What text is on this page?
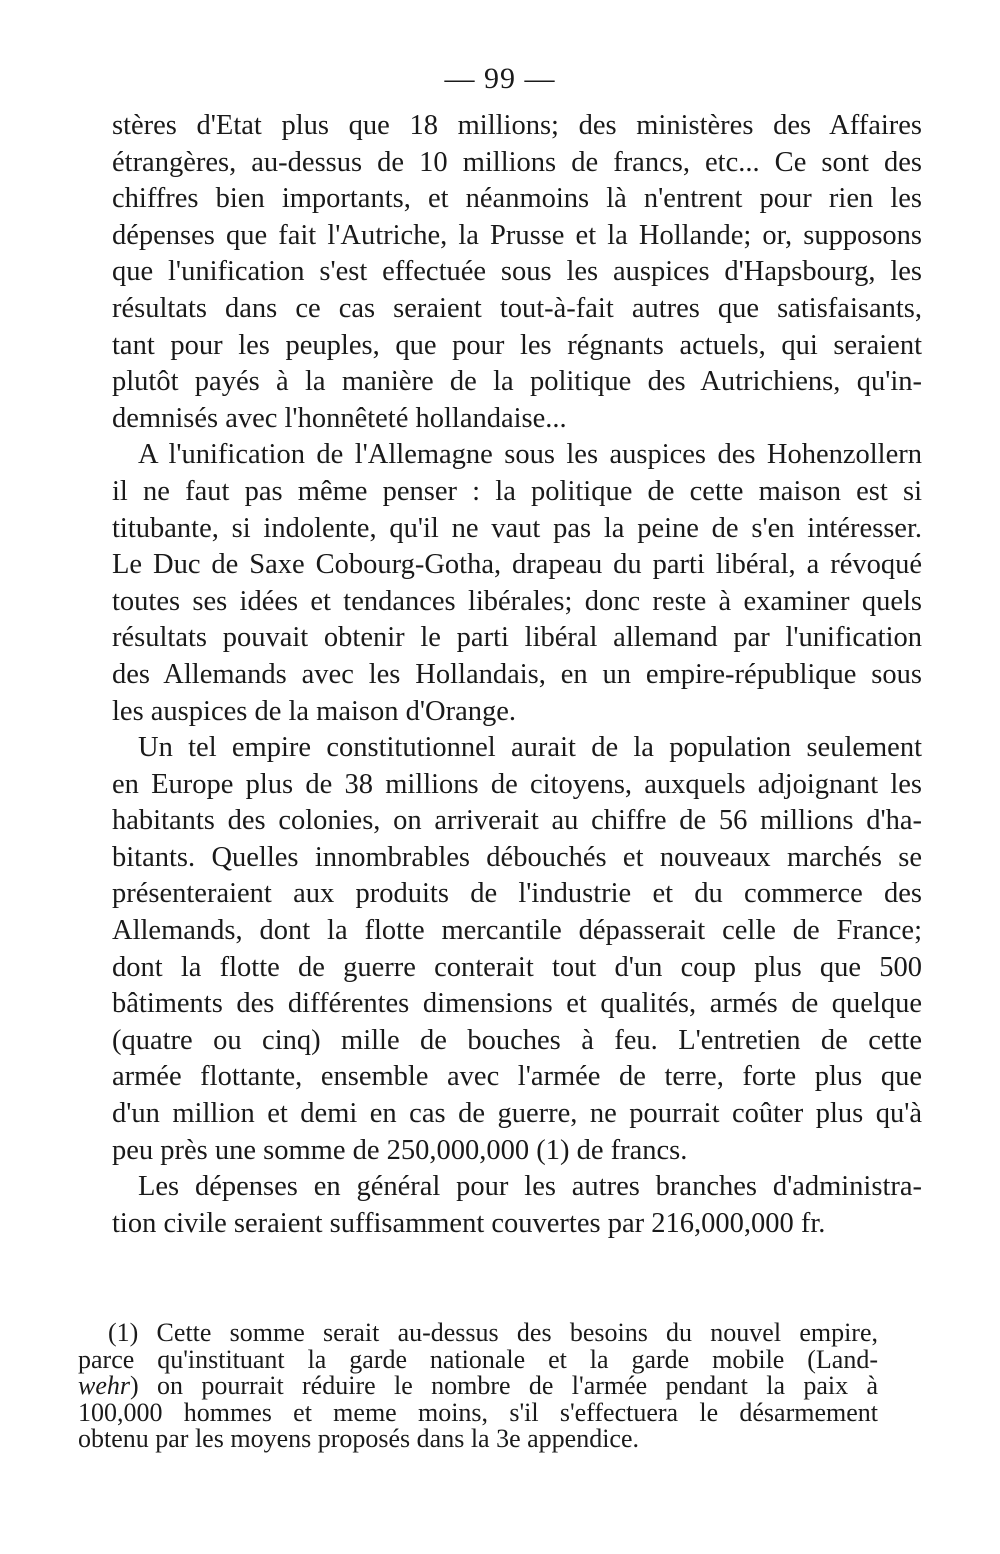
— 99 —

stères d'Etat plus que 18 millions; des ministères des Affaires
étrangères, au-dessus de 10 millions de francs, etc... Ce sont des
chiffres bien importants, et néanmoins là n'entrent pour rien les
dépenses que fait l'Autriche, la Prusse et la Hollande; or, supposons
que l'unification s'est effectuée sous les auspices d'Hapsbourg, les
résultats dans ce cas seraient tout-à-fait autres que satisfaisants,
tant pour les peuples, que pour les régnants actuels, qui seraient
plutôt payés à la manière de la politique des Autrichiens, qu'in-
demnisés avec l'honnêteté hollandaise...

A l'unification de l'Allemagne sous les auspices des Hohenzollern
il ne faut pas même penser : la politique de cette maison est si
titubante, si indolente, qu'il ne vaut pas la peine de s'en intéresser.
Le Duc de Saxe Cobourg-Gotha, drapeau du parti libéral, a révoqué
toutes ses idées et tendances libérales; donc reste à examiner quels
résultats pouvait obtenir le parti libéral allemand par l'unification
des Allemands avec les Hollandais, en un empire-république sous
les auspices de la maison d'Orange.

Un tel empire constitutionnel aurait de la population seulement
en Europe plus de 38 millions de citoyens, auxquels adjoignant les
habitants des colonies, on arriverait au chiffre de 56 millions d'ha-
bitants. Quelles innombrables débouchés et nouveaux marchés se
présenteraient aux produits de l'industrie et du commerce des
Allemands, dont la flotte mercantile dépasserait celle de France;
dont la flotte de guerre conterait tout d'un coup plus que 500
bâtiments des différentes dimensions et qualités, armés de quelque
(quatre ou cinq) mille de bouches à feu. L'entretien de cette
armée flottante, ensemble avec l'armée de terre, forte plus que
d'un million et demi en cas de guerre, ne pourrait coûter plus qu'à
peu près une somme de 250,000,000 (1) de francs.

Les dépenses en général pour les autres branches d'administra-
tion civile seraient suffisamment couvertes par 216,000,000 fr.

(1) Cette somme serait au-dessus des besoins du nouvel empire,
parce qu'instituant la garde nationale et la garde mobile (Land-
wehr) on pourrait réduire le nombre de l'armée pendant la paix à
100,000 hommes et meme moins, s'il s'effectuera le désarmement
obtenu par les moyens proposés dans la 3e appendice.
